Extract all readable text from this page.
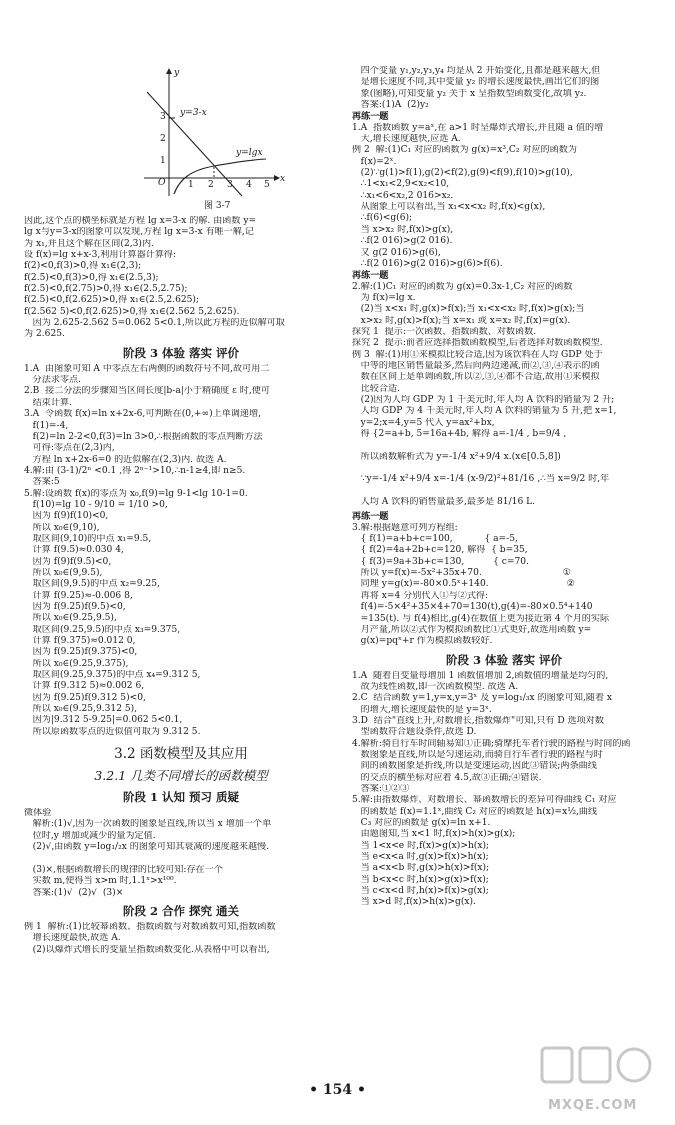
y
x
O
y=3-x
y=lgx
3
2
1
1 2 3 4 5
图 3-7
因此,这个点的横坐标就是方程 lg x=3-x 的解. 由函数 y=
lg x与y=3-x的图象可以发现,方程 lg x=3-x 有唯一解,记
为 x₁,并且这个解在区间(2,3)内.
设 f(x)=lg x+x-3,利用计算器计算得:
f(2)<0,f(3)>0,得 x₁∈(2,3);
f(2.5)<0,f(3)>0,得 x₁∈(2.5,3);
f(2.5)<0,f(2.75)>0,得 x₁∈(2.5,2.75);
f(2.5)<0,f(2.625)>0,得 x₁∈(2.5,2.625);
f(2.562 5)<0,f(2.625)>0,得 x₁∈(2.562 5,2.625).
因为 2.625-2.562 5=0.062 5<0.1,所以此方程的近似解可取
为 2.625.
阶段 3 体验 落实 评价
1.A  由图象可知 A 中零点左右两侧的函数符号不同,故可用二
分法求零点.
2.B  接二分法的步骤知当区间长度|b-a|小于精确度 ε 时,便可
结束计算.
3.A  令函数 f(x)=ln x+2x-6,可判断在(0,+∞)上单调递增,
f(1)=-4,
f(2)=ln 2-2<0,f(3)=ln 3>0,∴根据函数的零点判断方法
可得:零点在(2,3)内,
方程 ln x+2x-6=0 的近似解在(2,3)内. 故选 A.
4.解:由 (3-1)/2ⁿ <0.1 ,得 2ⁿ⁻¹>10,∴n-1≥4,即 n≥5.
答案:5
5.解:设函数 f(x)的零点为 x₀,f(9)=lg 9-1<lg 10-1=0.
f(10)=lg 10 - 9/10 = 1/10 >0,
因为 f(9)f(10)<0,
所以 x₀∈(9,10),
取区间(9,10)的中点 x₁=9.5,
计算 f(9.5)≈0.030 4,
因为 f(9)f(9.5)<0,
所以 x₀∈(9,9.5),
取区间(9,9.5)的中点 x₂=9.25,
计算 f(9.25)≈-0.006 8,
因为 f(9.25)f(9.5)<0,
所以 x₀∈(9.25,9.5),
取区间(9.25,9.5)的中点 x₃=9.375,
计算 f(9.375)≈0.012 0,
因为 f(9.25)f(9.375)<0,
所以 x₀∈(9.25,9.375),
取区间(9.25,9.375)的中点 x₄=9.312 5,
计算 f(9.312 5)≈0.002 6,
因为 f(9.25)f(9.312 5)<0,
所以 x₀∈(9.25,9.312 5),
因为|9.312 5-9.25|=0.062 5<0.1,
所以原函数零点的近似值可取为 9.312 5.
3.2 函数模型及其应用
3.2.1 几类不同增长的函数模型
阶段 1 认知 预习 质疑
微体验
解析:(1)√,因为一次函数的图象是直线,所以当 x 增加一个单
位时,y 增加或减少的量为定值.
(2)√,由函数 y=log₁/₂x 的图象可知其衰减的速度越来越慢.
(3)×,根据函数增长的规律的比较可知:存在一个
实数 m,使得当 x>m 时,1.1ˣ>x¹⁰⁰.
答案:(1)√  (2)√  (3)×
阶段 2 合作 探究 通关
例 1  解析:(1)比较幂函数、指数函数与对数函数可知,指数函数
增长速度最快,故选 A.
(2)以爆炸式增长的变量呈指数函数变化.从表格中可以看出,
四个变量 y₁,y₂,y₃,y₄ 均是从 2 开始变化,且都是越来越大,但
是增长速度不同,其中变量 y₂ 的增长速度最快,画出它们的图
象(图略),可知变量 y₂ 关于 x 呈指数型函数变化,故填 y₂.
答案:(1)A  (2)y₂
再练一题
1.A  指数函数 y=aˣ,在 a>1 时呈爆炸式增长,并且随 a 值的增
大,增长速度越快,应选 A.
例 2  解:(1)C₁ 对应的函数为 g(x)=x³,C₂ 对应的函数为
f(x)=2ˣ.
(2)∵g(1)>f(1),g(2)<f(2),g(9)<f(9),f(10)>g(10),
∴1<x₁<2,9<x₂<10,
∴x₁<6<x₂,2 016>x₂.
从图象上可以看出,当 x₁<x<x₂ 时,f(x)<g(x),
∴f(6)<g(6);
当 x>x₂ 时,f(x)>g(x),
∴f(2 016)>g(2 016).
又 g(2 016)>g(6),
∴f(2 016)>g(2 016)>g(6)>f(6).
再练一题
2.解:(1)C₁ 对应的函数为 g(x)=0.3x-1,C₂ 对应的函数
为 f(x)=lg x.
(2)当 x<x₁ 时,g(x)>f(x);当 x₁<x<x₂ 时,f(x)>g(x);当
x>x₂ 时,g(x)>f(x);当 x=x₁ 或 x=x₂ 时,f(x)=g(x).
探究 1  提示:一次函数、指数函数、对数函数.
探究 2  提示:前者应选择指数函数模型,后者选择对数函数模型.
例 3  解:(1)用①来模拟比较合适,因为该饮料在人均 GDP 处于
中等的地区销售量最多,然后向两边递减,而②,③,④表示的函
数在区间上是单调函数,所以②,③,④都不合适,故用①来模拟
比较合适.
(2)因为人均 GDP 为 1 千美元时,年人均 A 饮料的销量为 2 升;
人均 GDP 为 4 千美元时,年人均 A 饮料的销量为 5 升,把 x=1,
y=2;x=4,y=5 代入 y=ax²+bx,
得 {2=a+b, 5=16a+4b, 解得 a=-1/4 , b=9/4 ,
所以函数解析式为 y=-1/4 x²+9/4 x.(x∈[0.5,8])
∵y=-1/4 x²+9/4 x=-1/4 (x-9/2)²+81/16 ,∴当 x=9/2 时,年
人均 A 饮料的销售量最多,最多是 81/16 L.
再练一题
3.解:根据题意可列方程组:
{ f(1)=a+b+c=100,           { a=-5,
{ f(2)=4a+2b+c=120, 解得  { b=35,
{ f(3)=9a+3b+c=130,          { c=70.
所以 y=f(x)=-5x²+35x+70.                            ①
同理 y=g(x)=-80×0.5ˣ+140.                           ②
再将 x=4 分别代入①与②式得:
f(4)=-5×4²+35×4+70=130(t),g(4)=-80×0.5⁴+140
=135(t). 与 f(4)相比,g(4)在数值上更为接近第 4 个月的实际
月产量,所以②式作为模拟函数比①式更好,故选用函数 y=
g(x)=pqˣ+r 作为模拟函数较好.
阶段 3 体验 落实 评价
1.A  随着自变量每增加 1 函数值增加 2,函数值的增量是均匀的,
故为线性函数,即一次函数模型. 故选 A.
2.C  结合函数 y=1,y=x,y=3ˣ 及 y=log₁/₃x 的图象可知,随着 x
的增大,增长速度最快的是 y=3ˣ.
3.D  结合"直线上升,对数增长,指数爆炸"可知,只有 D 选项对数
型函数符合题设条件,故选 D.
4.解析:骑自行车时间轴易知①正确;骑摩托车者行驶的路程与时间的函
数图象是直线,所以是匀速运动,而骑自行车者行驶的路程与时
间的函数图象是折线,所以是变速运动,因此③错误;两条曲线
的交点的横坐标对应着 4.5,故③正确;④错误.
答案:①②③
5.解:由指数爆炸、对数增长、幂函数增长的差异可得曲线 C₁ 对应
的函数是 f(x)=1.1ˣ,曲线 C₂ 对应的函数是 h(x)=x½,曲线
C₃ 对应的函数是 g(x)=ln x+1.
由题图知,当 x<1 时,f(x)>h(x)>g(x);
当 1<x<e 时,f(x)>g(x)>h(x);
当 e<x<a 时,g(x)>f(x)>h(x);
当 a<x<b 时,g(x)>h(x)>f(x);
当 b<x<c 时,h(x)>g(x)>f(x);
当 c<x<d 时,h(x)>f(x)>g(x);
当 x>d 时,f(x)>h(x)>g(x).
• 154 •
MXQE.COM
